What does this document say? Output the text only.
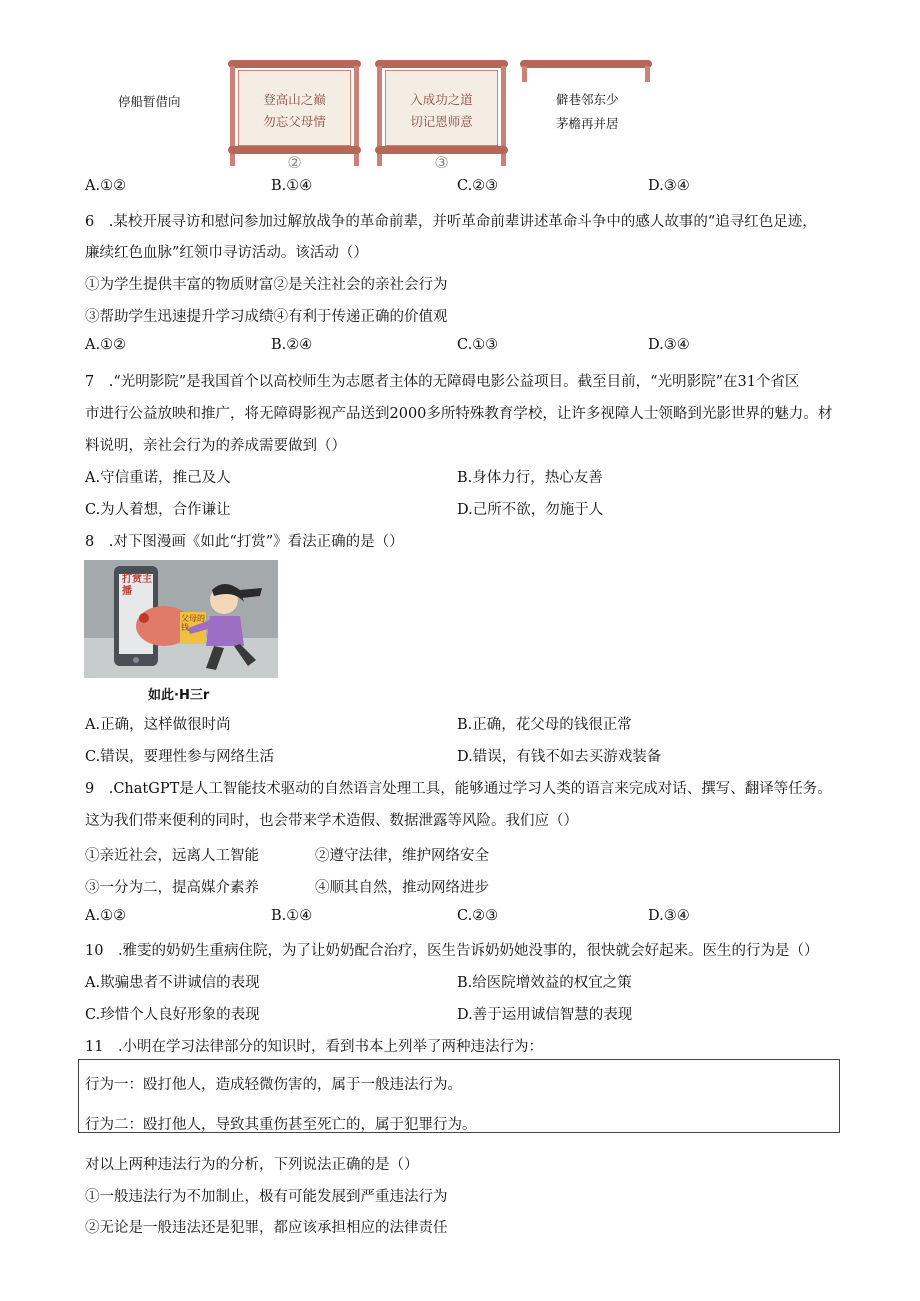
停船暂借向	登高山之巅
勿忘父母情
②
入成功之道
切记恩师意
③
僻巷邻东少
茅檐再并居
A.①②	B.①④	C.②③	D.③④
6　.某校开展寻访和慰问参加过解放战争的革命前辈，并听革命前辈讲述革命斗争中的感人故事的“追寻红色足迹，
廉续红色血脉”红领巾寻访活动。该活动（）
①为学生提供丰富的物质财富②是关注社会的亲社会行为
③帮助学生迅速提升学习成绩④有利于传递正确的价值观
A.①②	B.②④	C.①③	D.③④
7　.“光明影院”是我国首个以高校师生为志愿者主体的无障碍电影公益项目。截至目前，“光明影院”在31个省区
市进行公益放映和推广，将无障碍影视产品送到2000多所特殊教育学校，让许多视障人士领略到光影世界的魅力。材
料说明，亲社会行为的养成需要做到（）
A.守信重诺，推己及人	B.身体力行，热心友善
C.为人着想，合作谦让	D.己所不欲，勿施于人
8　.对下图漫画《如此“打赏”》看法正确的是（）
打赏主播
父母的钱
如此·H三r
A.正确，这样做很时尚	B.正确，花父母的钱很正常
C.错误，要理性参与网络生活	D.错误，有钱不如去买游戏装备
9　.ChatGPT是人工智能技术驱动的自然语言处理工具，能够通过学习人类的语言来完成对话、撰写、翻译等任务。
这为我们带来便利的同时，也会带来学术造假、数据泄露等风险。我们应（）
①亲近社会，远离人工智能	②遵守法律，维护网络安全
③一分为二，提高媒介素养	④顺其自然，推动网络进步
A.①②	B.①④	C.②③	D.③④
10　.雅雯的奶奶生重病住院，为了让奶奶配合治疗，医生告诉奶奶她没事的，很快就会好起来。医生的行为是（）
A.欺骗患者不讲诚信的表现	B.给医院增效益的权宜之策
C.珍惜个人良好形象的表现	D.善于运用诚信智慧的表现
11　.小明在学习法律部分的知识时，看到书本上列举了两种违法行为：
行为一：殴打他人，造成轻微伤害的，属于一般违法行为。
行为二：殴打他人，导致其重伤甚至死亡的，属于犯罪行为。
对以上两种违法行为的分析，下列说法正确的是（）
①一般违法行为不加制止，极有可能发展到严重违法行为
②无论是一般违法还是犯罪，都应该承担相应的法律责任
